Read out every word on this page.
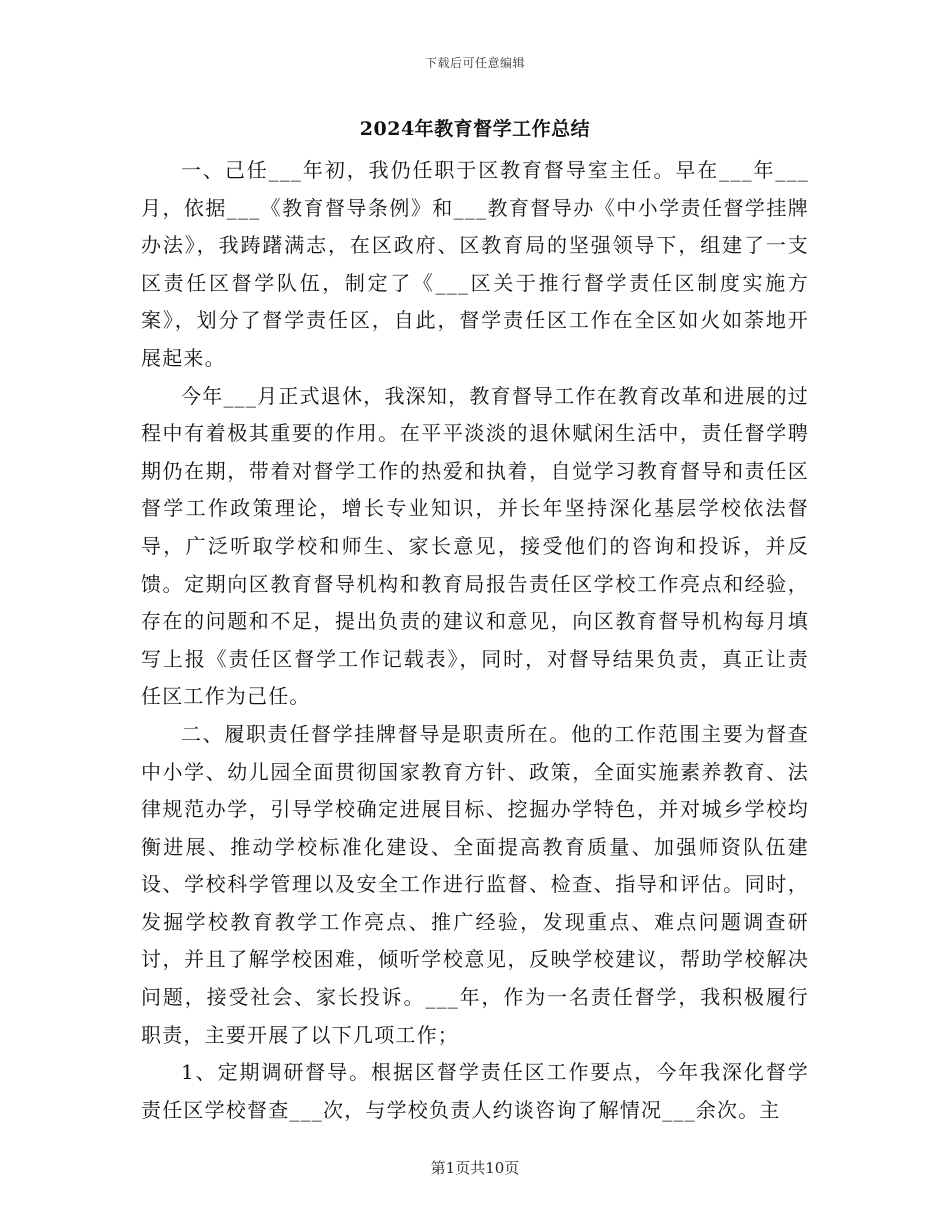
下载后可任意编辑
2024年教育督学工作总结

一、己任___年初，我仍任职于区教育督导室主任。早在___年___月，依据___《教育督导条例》和___教育督导办《中小学责任督学挂牌办法》，我踌躇满志，在区政府、区教育局的坚强领导下，组建了一支区责任区督学队伍，制定了《___区关于推行督学责任区制度实施方案》，划分了督学责任区，自此，督学责任区工作在全区如火如荼地开展起来。

今年___月正式退休，我深知，教育督导工作在教育改革和进展的过程中有着极其重要的作用。在平平淡淡的退休赋闲生活中，责任督学聘期仍在期，带着对督学工作的热爱和执着，自觉学习教育督导和责任区督学工作政策理论，增长专业知识，并长年坚持深化基层学校依法督导，广泛听取学校和师生、家长意见，接受他们的咨询和投诉，并反馈。定期向区教育督导机构和教育局报告责任区学校工作亮点和经验，存在的问题和不足，提出负责的建议和意见，向区教育督导机构每月填写上报《责任区督学工作记载表》，同时，对督导结果负责，真正让责任区工作为己任。

二、履职责任督学挂牌督导是职责所在。他的工作范围主要为督查中小学、幼儿园全面贯彻国家教育方针、政策，全面实施素养教育、法律规范办学，引导学校确定进展目标、挖掘办学特色，并对城乡学校均衡进展、推动学校标准化建设、全面提高教育质量、加强师资队伍建设、学校科学管理以及安全工作进行监督、检查、指导和评估。同时，发掘学校教育教学工作亮点、推广经验，发现重点、难点问题调查研讨，并且了解学校困难，倾听学校意见，反映学校建议，帮助学校解决问题，接受社会、家长投诉。___年，作为一名责任督学，我积极履行职责，主要开展了以下几项工作；

1、定期调研督导。根据区督学责任区工作要点，今年我深化督学责任区学校督查___次，与学校负责人约谈咨询了解情况___余次。主

第1页共10页
